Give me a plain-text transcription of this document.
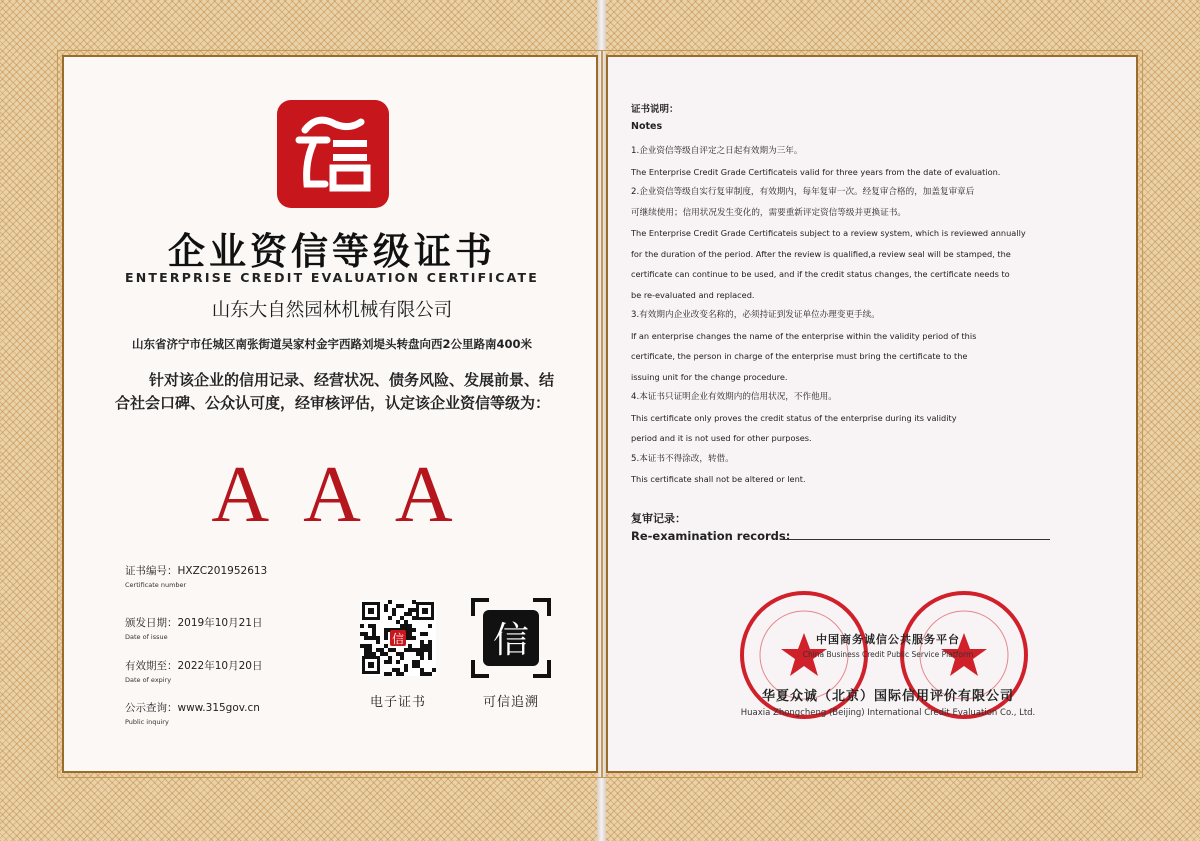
企业资信等级证书
ENTERPRISE CREDIT EVALUATION CERTIFICATE
山东大自然园林机械有限公司
山东省济宁市任城区南张街道吴家村金宇西路刘堤头转盘向西2公里路南400米
针对该企业的信用记录、经营状况、债务风险、发展前景、结合社会口碑、公众认可度，经审核评估，认定该企业资信等级为：
AAA
证书编号：HXZC201952613
Certificate number
颁发日期：2019年10月21日
Date of issue
有效期至：2022年10月20日
Date of expiry
公示查询：www.315gov.cn
Public inquiry
信 信
电子证书	可信追溯
证书说明：
Notes
1.企业资信等级自评定之日起有效期为三年。
The Enterprise Credit Grade Certificateis valid for three years from the date of evaluation.
2.企业资信等级自实行复审制度，有效期内，每年复审一次。经复审合格的，加盖复审章后
可继续使用；信用状况发生变化的，需要重新评定资信等级并更换证书。
The Enterprise Credit Grade Certificateis subject to a review system, which is reviewed annually
for the duration of the period. After the review is qualified,a review seal will be stamped, the
certificate can continue to be used, and if the credit status changes, the certificate needs to
be re-evaluated and replaced.
3.有效期内企业改变名称的，必须持证到发证单位办理变更手续。
If an enterprise changes the name of the enterprise within the validity period of this
certificate, the person in charge of the enterprise must bring the certificate to the
issuing unit for the change procedure.
4.本证书只证明企业有效期内的信用状况，不作他用。
This certificate only proves the credit status of the enterprise during its validity
period and it is not used for other purposes.
5.本证书不得涂改，转借。
This certificate shall not be altered or lent.
复审记录：
Re-examination records:
中国商务诚信公共服务平台
China Business Credit Public Service Platform
华夏众诚（北京）国际信用评价有限公司
Huaxia Zhongcheng (Beijing) International Credit Evaluation Co., Ltd.
